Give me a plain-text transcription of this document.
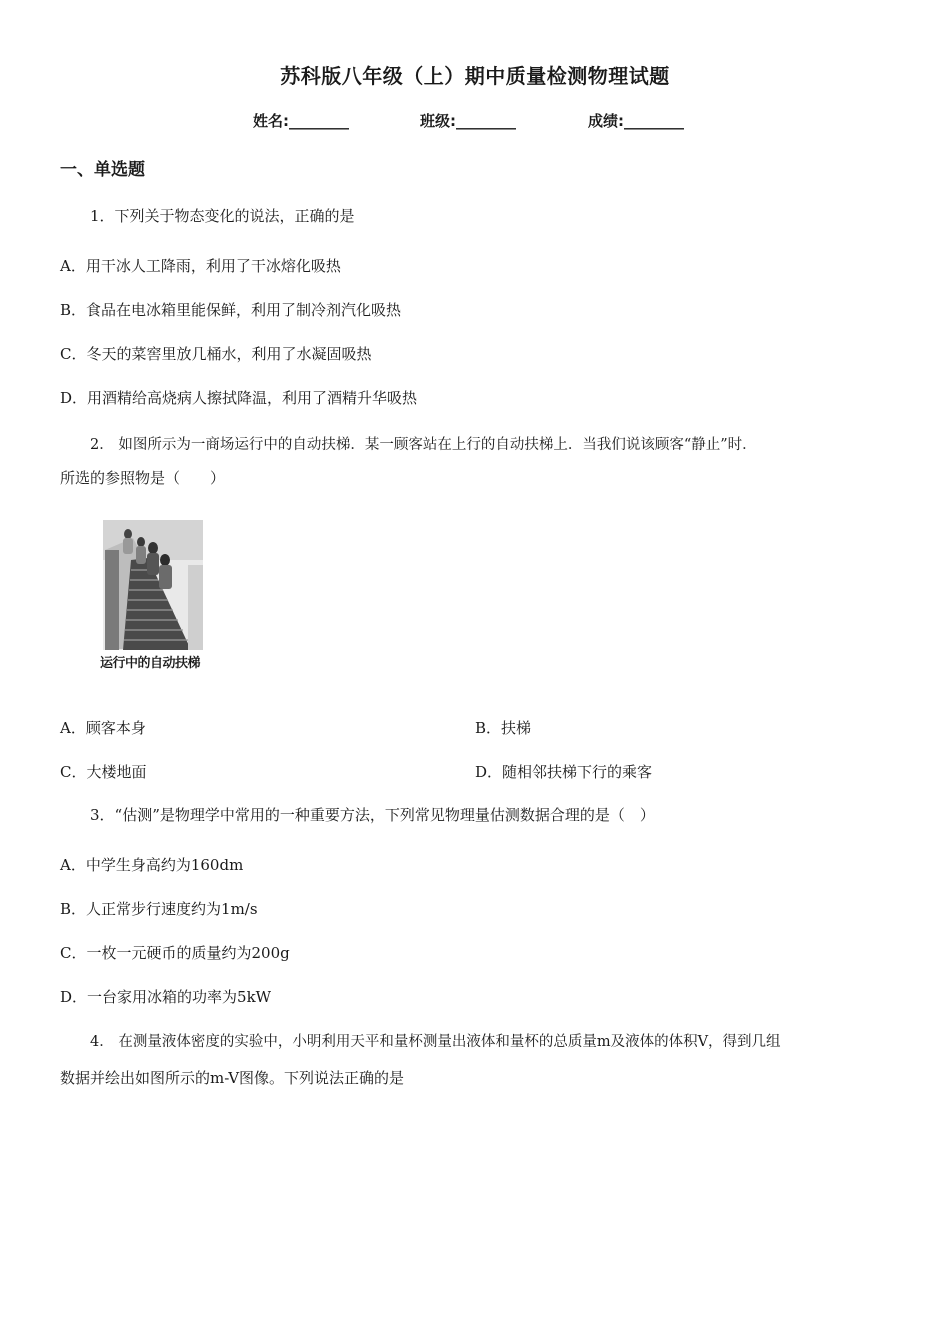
苏科版八年级（上）期中质量检测物理试题
姓名:________	班级:________	成绩:________
一、单选题
1．下列关于物态变化的说法，正确的是
A．用干冰人工降雨，利用了干冰熔化吸热
B．食品在电冰箱里能保鲜，利用了制冷剂汽化吸热
C．冬天的菜窖里放几桶水，利用了水凝固吸热
D．用酒精给高烧病人擦拭降温，利用了酒精升华吸热
2． 如图所示为一商场运行中的自动扶梯．某一顾客站在上行的自动扶梯上．当我们说该顾客“静止”时．
所选的参照物是（　　）
运行中的自动扶梯
A．顾客本身	B．扶梯
C．大楼地面	D．随相邻扶梯下行的乘客
3．“估测”是物理学中常用的一种重要方法，下列常见物理量估测数据合理的是（　）
A．中学生身高约为160dm
B．人正常步行速度约为1m/s
C．一枚一元硬币的质量约为200g
D．一台家用冰箱的功率为5kW
4． 在测量液体密度的实验中，小明利用天平和量杯测量出液体和量杯的总质量m及液体的体积V，得到几组
数据并绘出如图所示的m-V图像。下列说法正确的是
